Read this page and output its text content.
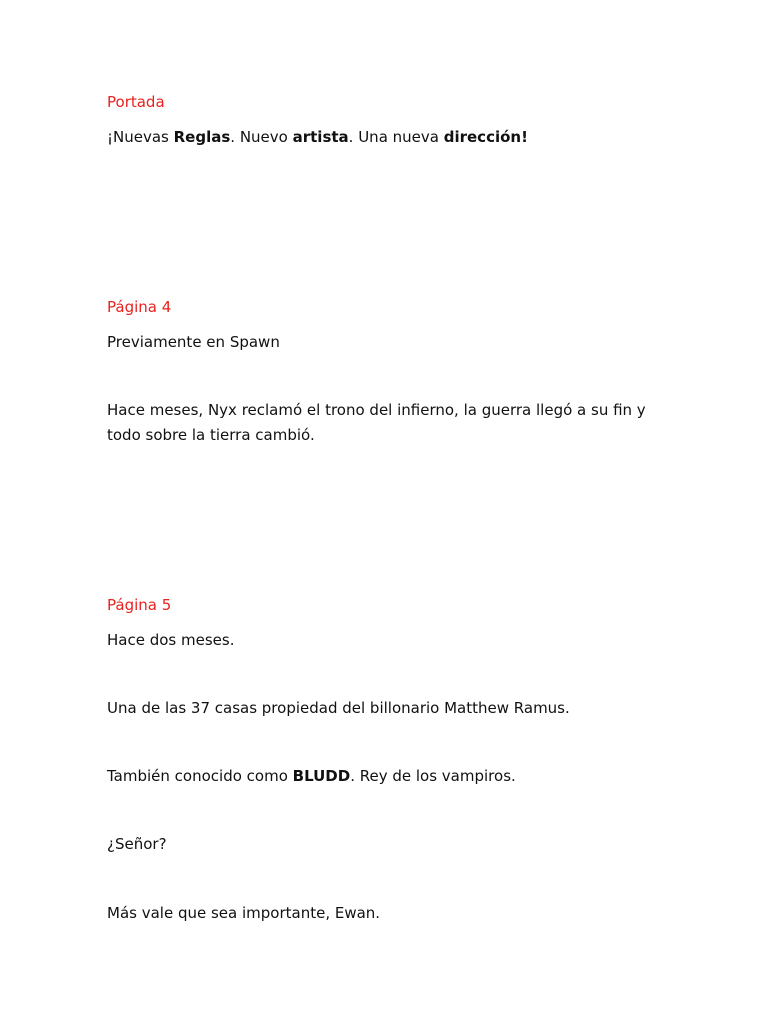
Portada

¡Nuevas Reglas. Nuevo artista. Una nueva dirección!

Página 4

Previamente en Spawn

Hace meses, Nyx reclamó el trono del infierno, la guerra llegó a su fin y todo sobre la tierra cambió.

Página 5

Hace dos meses.

Una de las 37 casas propiedad del billonario Matthew Ramus.

También conocido como BLUDD. Rey de los vampiros.

¿Señor?

Más vale que sea importante, Ewan.
